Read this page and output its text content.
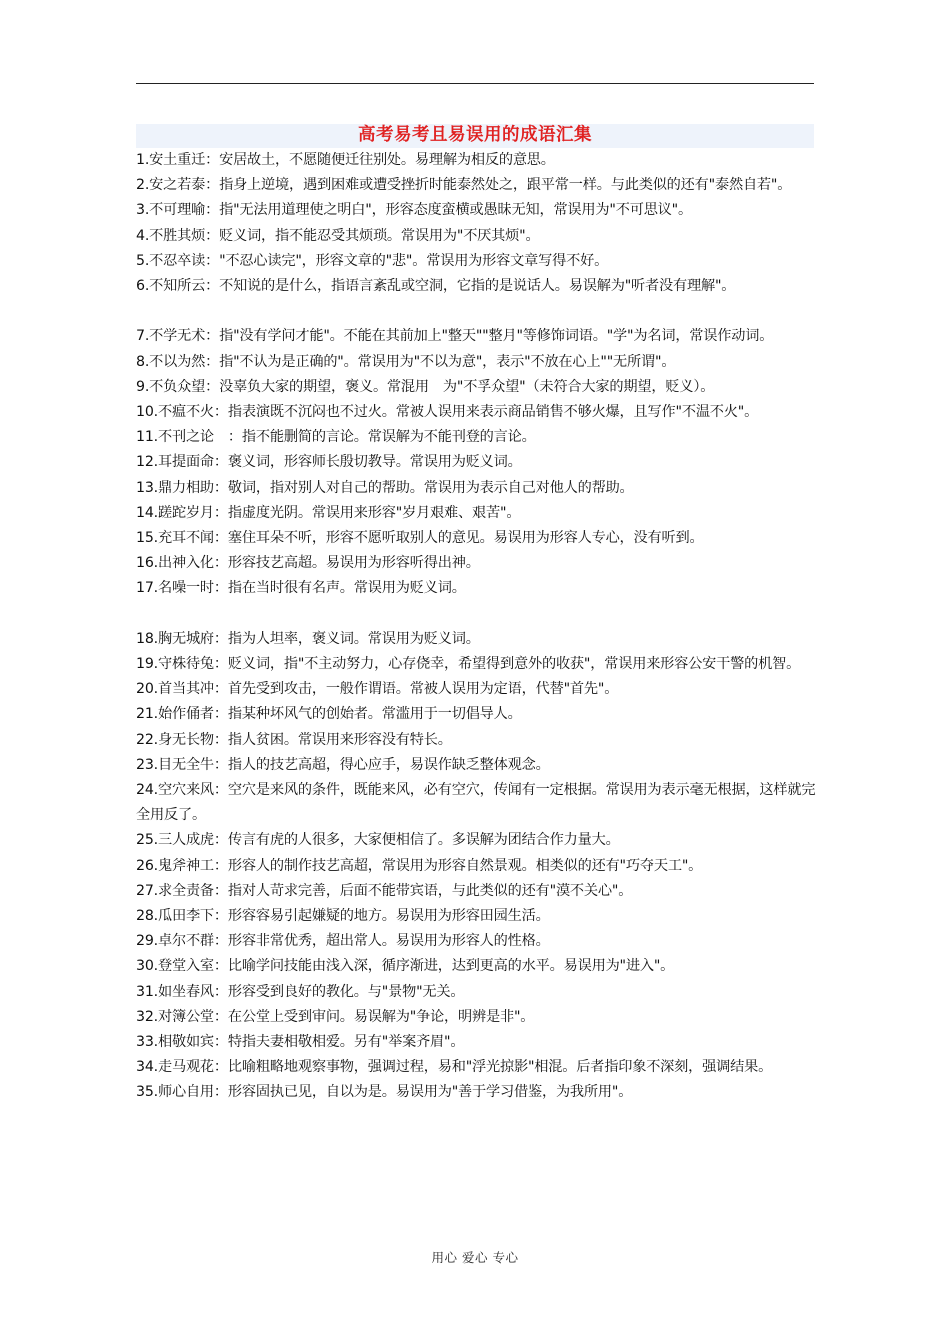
高考易考且易误用的成语汇集

1.安土重迁：安居故土，不愿随便迁往别处。易理解为相反的意思。

2.安之若泰：指身上逆境，遇到困难或遭受挫折时能泰然处之，跟平常一样。与此类似的还有"泰然自若"。

3.不可理喻：指"无法用道理使之明白"，形容态度蛮横或愚昧无知，常误用为"不可思议"。

4.不胜其烦：贬义词，指不能忍受其烦琐。常误用为"不厌其烦"。

5.不忍卒读："不忍心读完"，形容文章的"悲"。常误用为形容文章写得不好。

6.不知所云：不知说的是什么，指语言紊乱或空洞，它指的是说话人。易误解为"听者没有理解"。

7.不学无术：指"没有学问才能"。不能在其前加上"整天""整月"等修饰词语。"学"为名词，常误作动词。

8.不以为然：指"不认为是正确的"。常误用为"不以为意"，表示"不放在心上""无所谓"。

9.不负众望：没辜负大家的期望，褒义。常混用　为"不孚众望"（未符合大家的期望，贬义）。

10.不瘟不火：指表演既不沉闷也不过火。常被人误用来表示商品销售不够火爆，且写作"不温不火"。

11.不刊之论　：指不能删简的言论。常误解为不能刊登的言论。

12.耳提面命：褒义词，形容师长殷切教导。常误用为贬义词。

13.鼎力相助：敬词，指对别人对自己的帮助。常误用为表示自己对他人的帮助。

14.蹉跎岁月：指虚度光阴。常误用来形容"岁月艰难、艰苦"。

15.充耳不闻：塞住耳朵不听，形容不愿听取别人的意见。易误用为形容人专心，没有听到。

16.出神入化：形容技艺高超。易误用为形容听得出神。

17.名噪一时：指在当时很有名声。常误用为贬义词。

18.胸无城府：指为人坦率，褒义词。常误用为贬义词。

19.守株待兔：贬义词，指"不主动努力，心存侥幸，希望得到意外的收获"，常误用来形容公安干警的机智。

20.首当其冲：首先受到攻击，一般作谓语。常被人误用为定语，代替"首先"。

21.始作俑者：指某种坏风气的创始者。常滥用于一切倡导人。

22.身无长物：指人贫困。常误用来形容没有特长。

23.目无全牛：指人的技艺高超，得心应手，易误作缺乏整体观念。

24.空穴来风：空穴是来风的条件，既能来风，必有空穴，传闻有一定根据。常误用为表示毫无根据，这样就完全用反了。

25.三人成虎：传言有虎的人很多，大家便相信了。多误解为团结合作力量大。

26.鬼斧神工：形容人的制作技艺高超，常误用为形容自然景观。相类似的还有"巧夺天工"。

27.求全责备：指对人苛求完善，后面不能带宾语，与此类似的还有"漠不关心"。

28.瓜田李下：形容容易引起嫌疑的地方。易误用为形容田园生活。

29.卓尔不群：形容非常优秀，超出常人。易误用为形容人的性格。

30.登堂入室：比喻学问技能由浅入深，循序渐进，达到更高的水平。易误用为"进入"。

31.如坐春风：形容受到良好的教化。与"景物"无关。

32.对簿公堂：在公堂上受到审问。易误解为"争论，明辨是非"。

33.相敬如宾：特指夫妻相敬相爱。另有"举案齐眉"。

34.走马观花：比喻粗略地观察事物，强调过程，易和"浮光掠影"相混。后者指印象不深刻，强调结果。

35.师心自用：形容固执已见，自以为是。易误用为"善于学习借鉴，为我所用"。

用心 爱心 专心
